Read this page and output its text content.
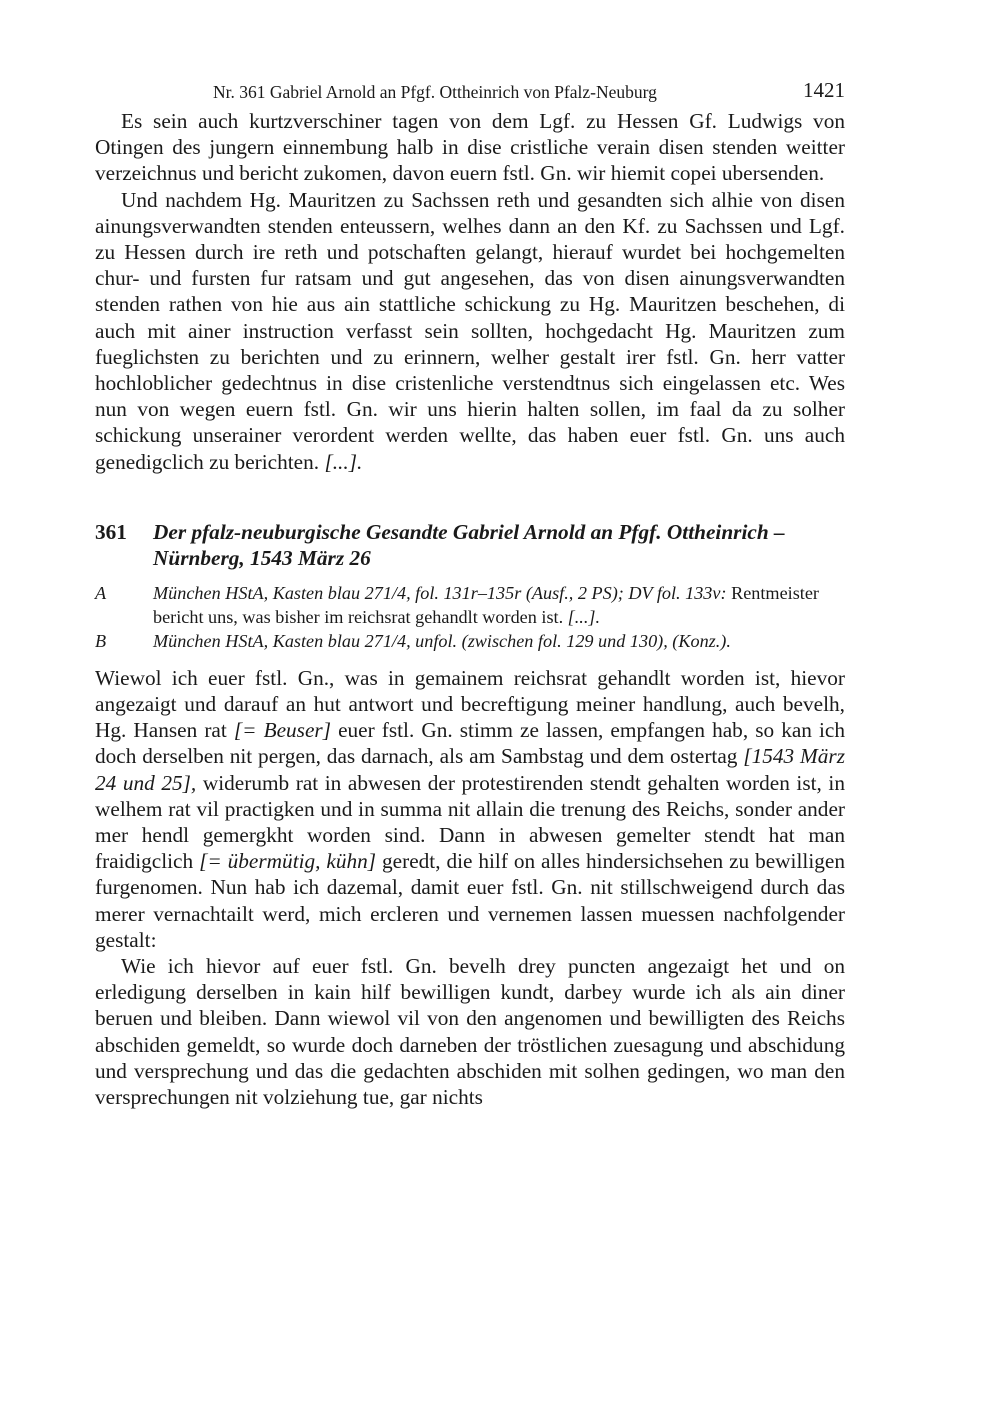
Nr. 361 Gabriel Arnold an Pfgf. Ottheinrich von Pfalz-Neuburg	1421

Es sein auch kurtzverschiner tagen von dem Lgf. zu Hessen Gf. Ludwigs von Otingen des jungern einnembung halb in dise cristliche verain disen stenden weitter verzeichnus und bericht zukomen, davon euern fstl. Gn. wir hiemit copei ubersenden.

Und nachdem Hg. Mauritzen zu Sachssen reth und gesandten sich alhie von disen ainungsverwandten stenden enteussern, welhes dann an den Kf. zu Sachssen und Lgf. zu Hessen durch ire reth und potschaften gelangt, hierauf wurdet bei hochgemelten chur- und fursten fur ratsam und gut angesehen, das von disen ainungsverwandten stenden rathen von hie aus ain stattliche schickung zu Hg. Mauritzen beschehen, di auch mit ainer instruction verfasst sein sollten, hochgedacht Hg. Mauritzen zum fueglichsten zu berichten und zu erinnern, welher gestalt irer fstl. Gn. herr vatter hochloblicher gedechtnus in dise cristenliche verstendtnus sich eingelassen etc. Wes nun von wegen euern fstl. Gn. wir uns hierin halten sollen, im faal da zu solher schickung unserainer verordent werden wellte, das haben euer fstl. Gn. uns auch genedigclich zu berichten. [...].

361	Der pfalz-neuburgische Gesandte Gabriel Arnold an Pfgf. Ottheinrich – Nürnberg, 1543 März 26
A	München HStA, Kasten blau 271/4, fol. 131r–135r (Ausf., 2 PS); DV fol. 133v: Rentmeister bericht uns, was bisher im reichsrat gehandlt worden ist. [...].
B	München HStA, Kasten blau 271/4, unfol. (zwischen fol. 129 und 130), (Konz.).

Wiewol ich euer fstl. Gn., was in gemainem reichsrat gehandlt worden ist, hievor angezaigt und darauf an hut antwort und becreftigung meiner handlung, auch bevelh, Hg. Hansen rat [= Beuser] euer fstl. Gn. stimm ze lassen, empfangen hab, so kan ich doch derselben nit pergen, das darnach, als am Sambstag und dem ostertag [1543 März 24 und 25], widerumb rat in abwesen der protestirenden stendt gehalten worden ist, in welhem rat vil practigken und in summa nit allain die trenung des Reichs, sonder ander mer hendl gemergkht worden sind. Dann in abwesen gemelter stendt hat man fraidigclich [= übermütig, kühn] geredt, die hilf on alles hindersichsehen zu bewilligen furgenomen. Nun hab ich dazemal, damit euer fstl. Gn. nit stillschweigend durch das merer vernachtailt werd, mich ercleren und vernemen lassen muessen nachfolgender gestalt:

Wie ich hievor auf euer fstl. Gn. bevelh drey puncten angezaigt het und on erledigung derselben in kain hilf bewilligen kundt, darbey wurde ich als ain diner beruen und bleiben. Dann wiewol vil von den angenomen und bewilligten des Reichs abschiden gemeldt, so wurde doch darneben der tröstlichen zuesagung und abschidung und versprechung und das die gedachten abschiden mit solhen gedingen, wo man den versprechungen nit volziehung tue, gar nichts
